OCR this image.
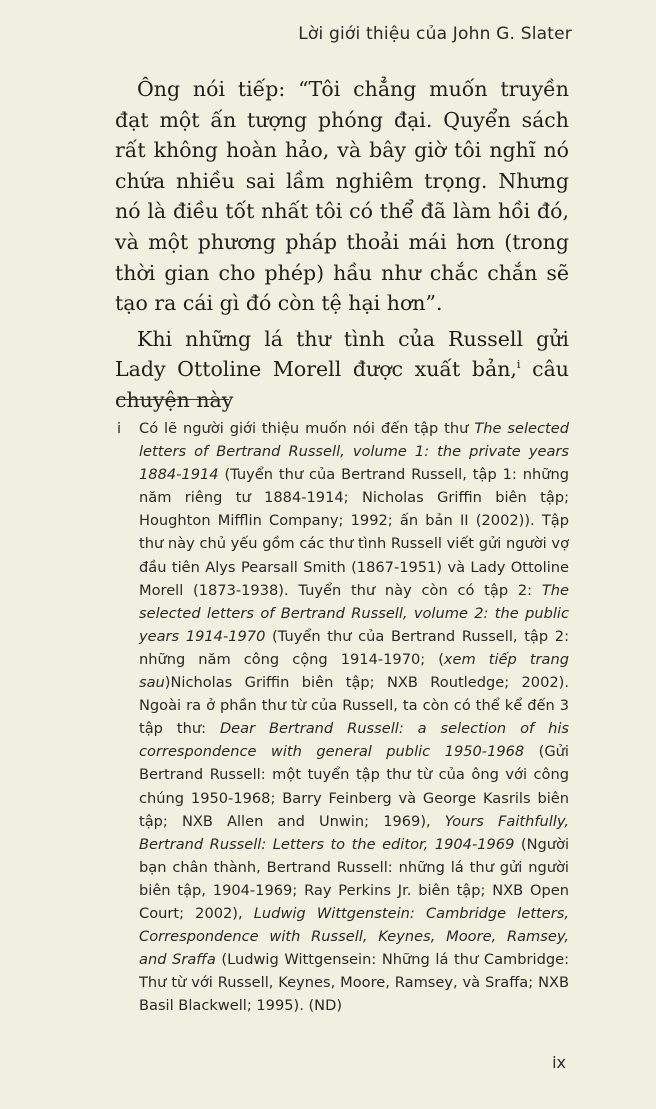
Lời giới thiệu của John G. Slater

Ông nói tiếp: “Tôi chẳng muốn truyền đạt một ấn tượng phóng đại. Quyển sách rất không hoàn hảo, và bây giờ tôi nghĩ nó chứa nhiều sai lầm nghiêm trọng. Nhưng nó là điều tốt nhất tôi có thể đã làm hồi đó, và một phương pháp thoải mái hơn (trong thời gian cho phép) hầu như chắc chắn sẽ tạo ra cái gì đó còn tệ hại hơn”.

Khi những lá thư tình của Russell gửi Lady Ottoline Morell được xuất bản,$^i$ câu chuyện này

i Có lẽ người giới thiệu muốn nói đến tập thư The selected letters of Bertrand Russell, volume 1: the private years 1884-1914 (Tuyển thư của Bertrand Russell, tập 1: những năm riêng tư 1884-1914; Nicholas Griffin biên tập; Houghton Mifflin Company; 1992; ấn bản II (2002)). Tập thư này chủ yếu gồm các thư tình Russell viết gửi người vợ đầu tiên Alys Pearsall Smith (1867-1951) và Lady Ottoline Morell (1873-1938). Tuyển thư này còn có tập 2: The selected letters of Bertrand Russell, volume 2: the public years 1914-1970 (Tuyển thư của Bertrand Russell, tập 2: những năm công cộng 1914-1970; (xem tiếp trang sau)Nicholas Griffin biên tập; NXB Routledge; 2002). Ngoài ra ở phần thư từ của Russell, ta còn có thể kể đến 3 tập thư: Dear Bertrand Russell: a selection of his correspondence with general public 1950-1968 (Gửi Bertrand Russell: một tuyển tập thư từ của ông với công chúng 1950-1968; Barry Feinberg và George Kasrils biên tập; NXB Allen and Unwin; 1969), Yours Faithfully, Bertrand Russell: Letters to the editor, 1904-1969 (Người bạn chân thành, Bertrand Russell: những lá thư gửi người biên tập, 1904-1969; Ray Perkins Jr. biên tập; NXB Open Court; 2002), Ludwig Wittgenstein: Cambridge letters, Correspondence with Russell, Keynes, Moore, Ramsey, and Sraffa (Ludwig Wittgensein: Những lá thư Cambridge: Thư từ với Russell, Keynes, Moore, Ramsey, và Sraffa; NXB Basil Blackwell; 1995). (ND)
ix
